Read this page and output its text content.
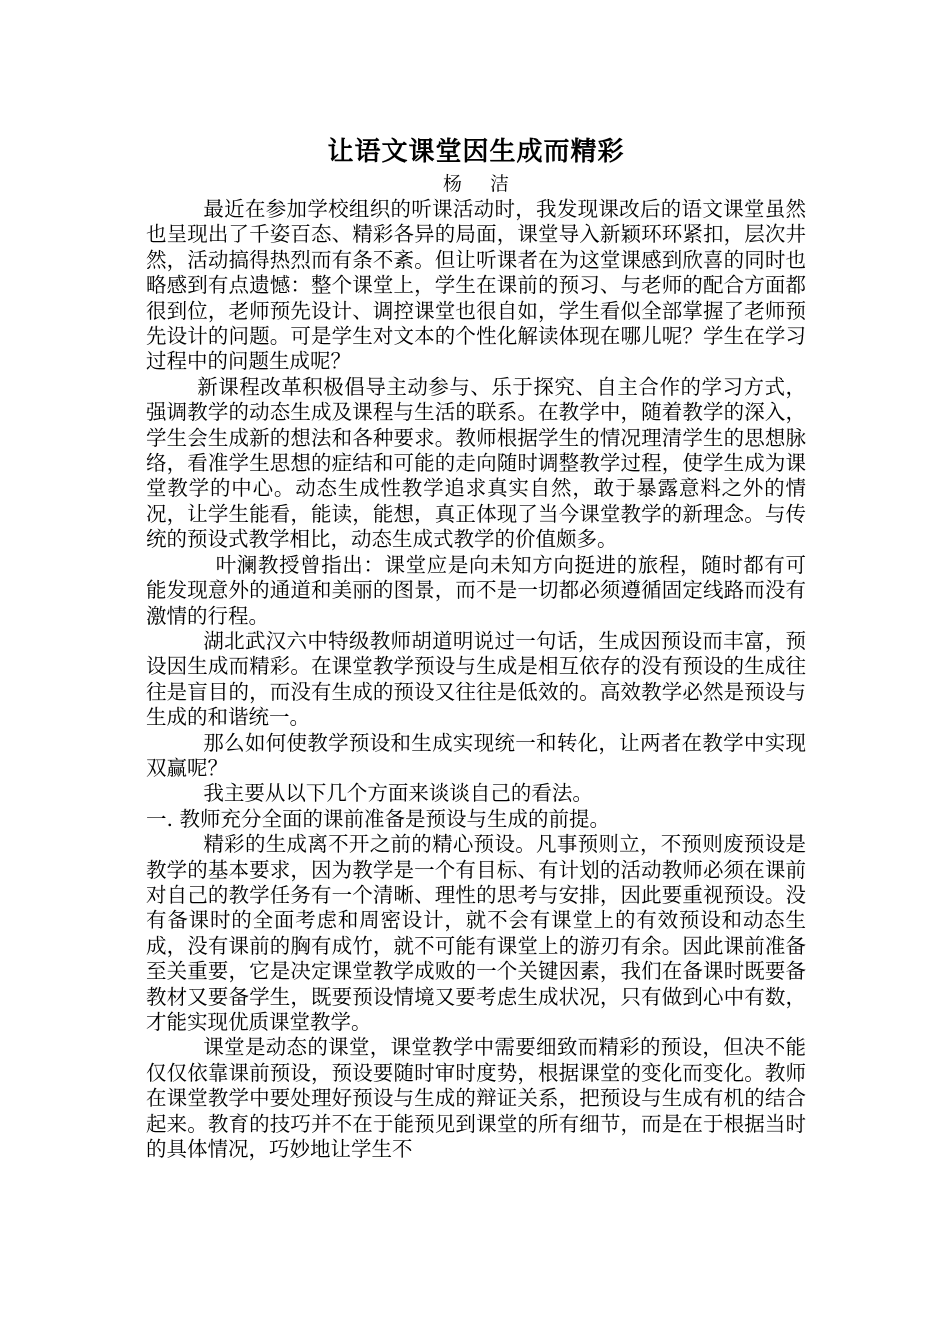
让语文课堂因生成而精彩

杨洁

最近在参加学校组织的听课活动时，我发现课改后的语文课堂虽然也呈现出了千姿百态、精彩各异的局面，课堂导入新颖环环紧扣，层次井然，活动搞得热烈而有条不紊。但让听课者在为这堂课感到欣喜的同时也略感到有点遗憾：整个课堂上，学生在课前的预习、与老师的配合方面都很到位，老师预先设计、调控课堂也很自如，学生看似全部掌握了老师预先设计的问题。可是学生对文本的个性化解读体现在哪儿呢？学生在学习过程中的问题生成呢？

新课程改革积极倡导主动参与、乐于探究、自主合作的学习方式，强调教学的动态生成及课程与生活的联系。在教学中，随着教学的深入，学生会生成新的想法和各种要求。教师根据学生的情况理清学生的思想脉络，看准学生思想的症结和可能的走向随时调整教学过程，使学生成为课堂教学的中心。动态生成性教学追求真实自然，敢于暴露意料之外的情况，让学生能看，能读，能想，真正体现了当今课堂教学的新理念。与传统的预设式教学相比，动态生成式教学的价值颇多。

叶澜教授曾指出：课堂应是向未知方向挺进的旅程，随时都有可能发现意外的通道和美丽的图景，而不是一切都必须遵循固定线路而没有激情的行程。

湖北武汉六中特级教师胡道明说过一句话，生成因预设而丰富，预设因生成而精彩。在课堂教学预设与生成是相互依存的没有预设的生成往往是盲目的，而没有生成的预设又往往是低效的。高效教学必然是预设与生成的和谐统一。

那么如何使教学预设和生成实现统一和转化，让两者在教学中实现双赢呢？

我主要从以下几个方面来谈谈自己的看法。

一. 教师充分全面的课前准备是预设与生成的前提。

精彩的生成离不开之前的精心预设。凡事预则立，不预则废预设是教学的基本要求，因为教学是一个有目标、有计划的活动教师必须在课前对自己的教学任务有一个清晰、理性的思考与安排，因此要重视预设。没有备课时的全面考虑和周密设计，就不会有课堂上的有效预设和动态生成，没有课前的胸有成竹，就不可能有课堂上的游刃有余。因此课前准备至关重要，它是决定课堂教学成败的一个关键因素，我们在备课时既要备教材又要备学生，既要预设情境又要考虑生成状况，只有做到心中有数，才能实现优质课堂教学。

课堂是动态的课堂，课堂教学中需要细致而精彩的预设，但决不能仅仅依靠课前预设，预设要随时审时度势，根据课堂的变化而变化。教师在课堂教学中要处理好预设与生成的辩证关系，把预设与生成有机的结合起来。教育的技巧并不在于能预见到课堂的所有细节，而是在于根据当时的具体情况，巧妙地让学生不
